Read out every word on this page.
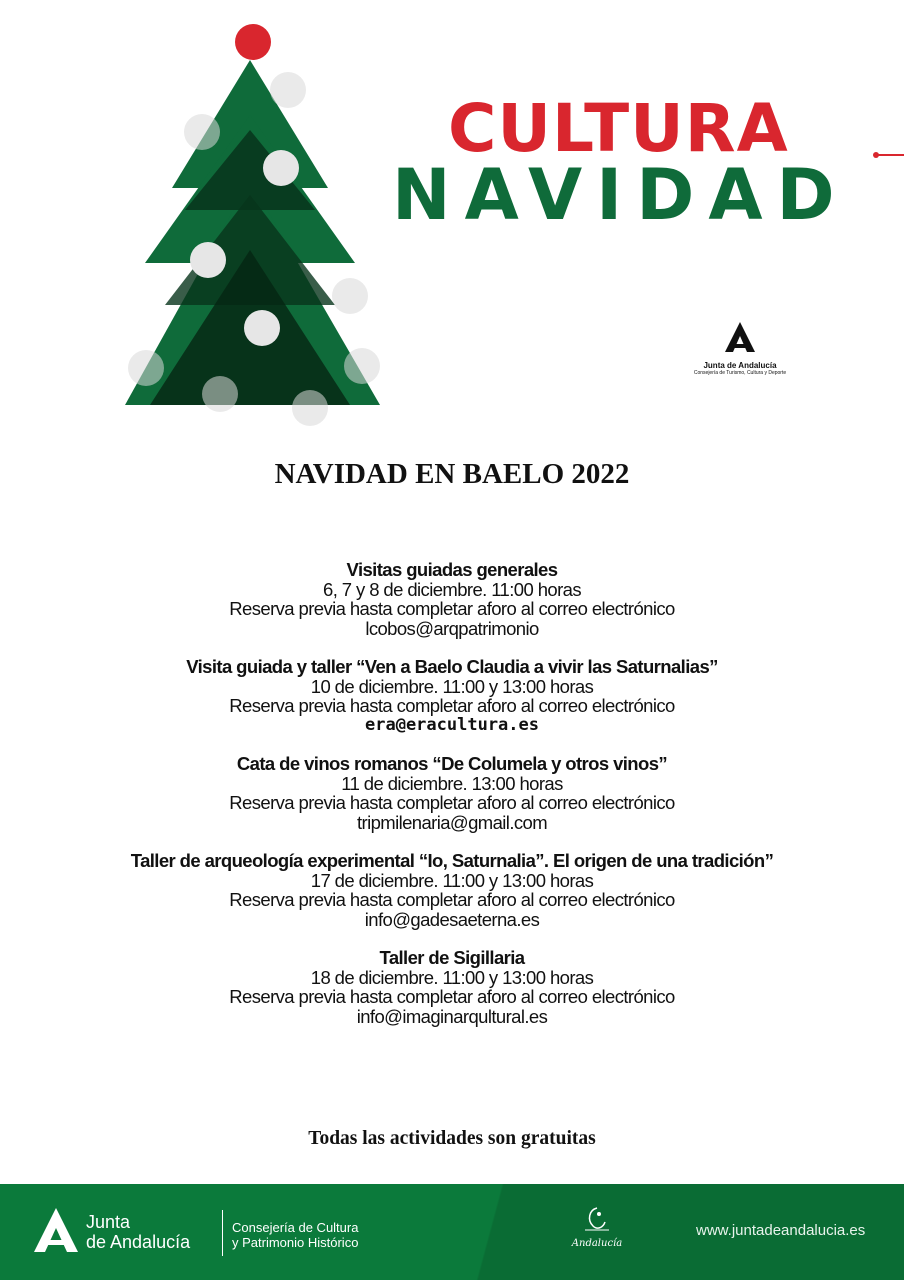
CULTURA
NAVIDAD
Junta de Andalucía
Consejería de Turismo, Cultura y Deporte
NAVIDAD EN BAELO 2022
Visitas guiadas generales
6, 7 y 8 de diciembre. 11:00 horas
Reserva previa hasta completar aforo al correo electrónico
lcobos@arqpatrimonio
Visita guiada y taller “Ven a Baelo Claudia a vivir las Saturnalias”
10 de diciembre. 11:00 y 13:00 horas
Reserva previa hasta completar aforo al correo electrónico
era@eracultura.es
Cata de vinos romanos “De Columela y otros vinos”
11 de diciembre. 13:00 horas
Reserva previa hasta completar aforo al correo electrónico
tripmilenaria@gmail.com
Taller de arqueología experimental “Io, Saturnalia”. El origen de una tradición”
17 de diciembre. 11:00 y 13:00 horas
Reserva previa hasta completar aforo al correo electrónico
info@gadesaeterna.es
Taller de Sigillaria
18 de diciembre. 11:00 y 13:00 horas
Reserva previa hasta completar aforo al correo electrónico
info@imaginarqultural.es
Todas las actividades son gratuitas
Junta
de Andalucía
Consejería de Cultura
y Patrimonio Histórico	Andalucía
www.juntadeandalucia.es
